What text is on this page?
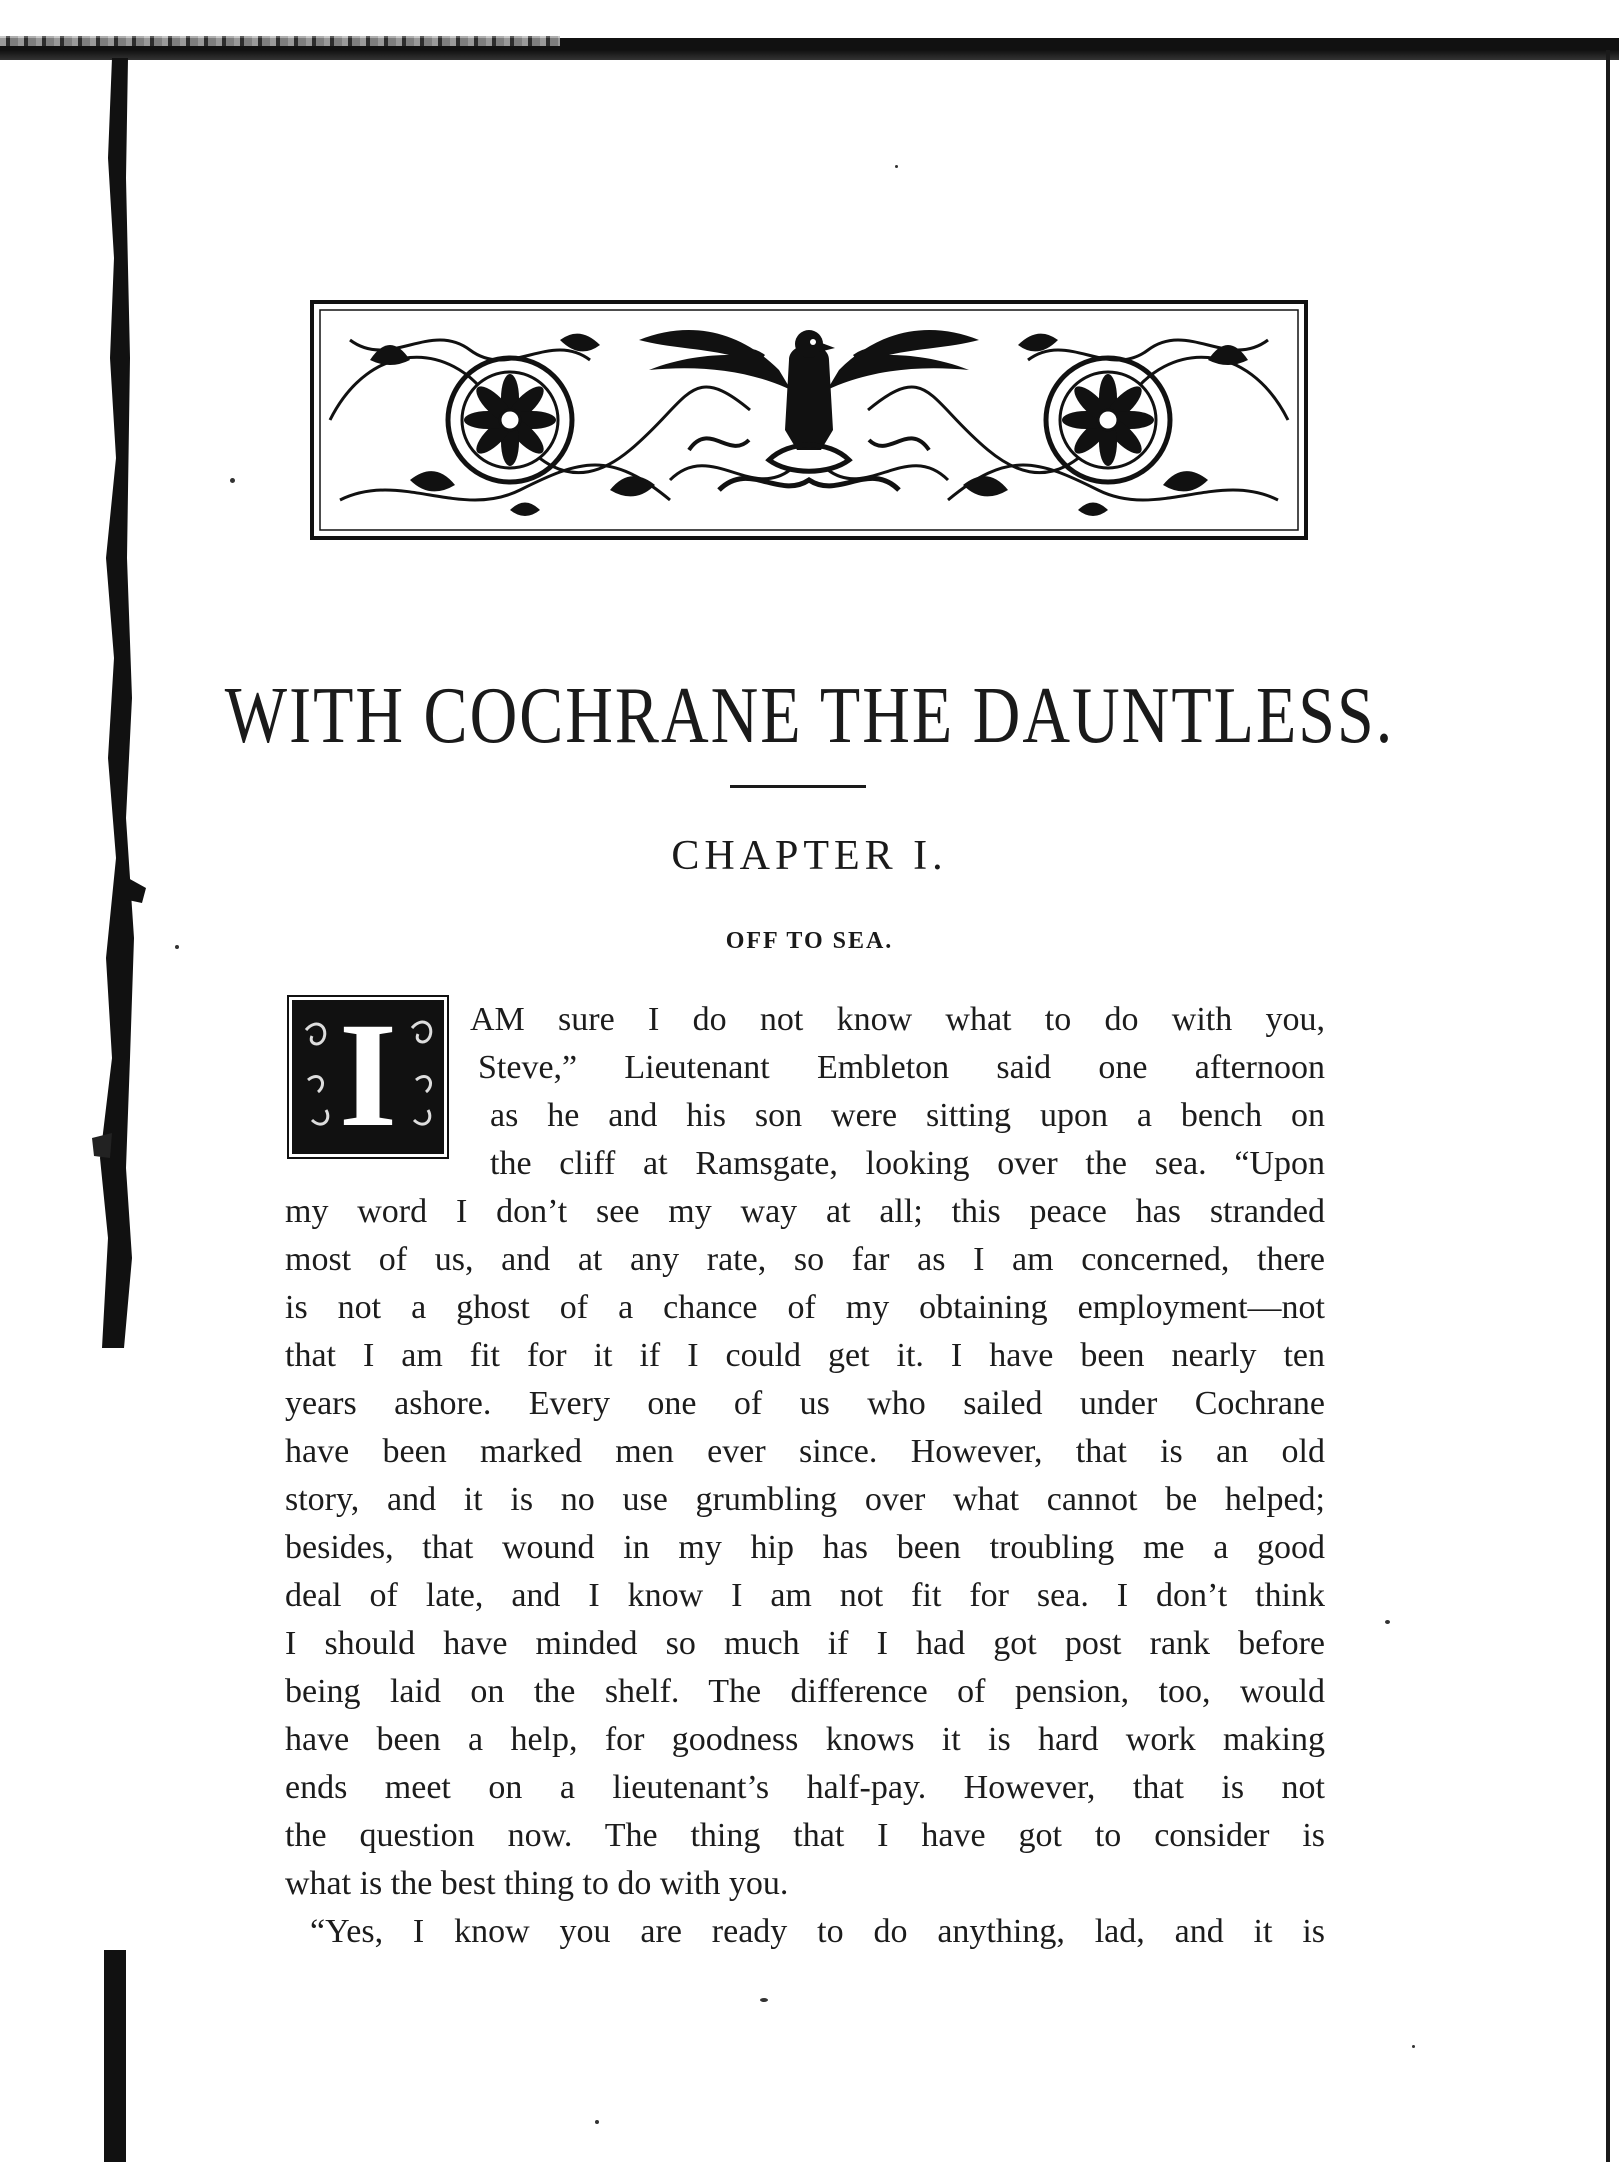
WITH COCHRANE THE DAUNTLESS.
CHAPTER I.
OFF TO SEA.
I	AM sure I do not know what to do with you,
Steve,” Lieutenant Embleton said one afternoon
as he and his son were sitting upon a bench on
the cliff at Ramsgate, looking over the sea. “Upon
my word I don’t see my way at all; this peace has stranded
most of us, and at any rate, so far as I am concerned, there
is not a ghost of a chance of my obtaining employment—not
that I am fit for it if I could get it. I have been nearly ten
years ashore. Every one of us who sailed under Cochrane
have been marked men ever since. However, that is an old
story, and it is no use grumbling over what cannot be helped;
besides, that wound in my hip has been troubling me a good
deal of late, and I know I am not fit for sea. I don’t think
I should have minded so much if I had got post rank before
being laid on the shelf. The difference of pension, too, would
have been a help, for goodness knows it is hard work making
ends meet on a lieutenant’s half-pay. However, that is not
the question now. The thing that I have got to consider is
what is the best thing to do with you.
“Yes, I know you are ready to do anything, lad, and it is
